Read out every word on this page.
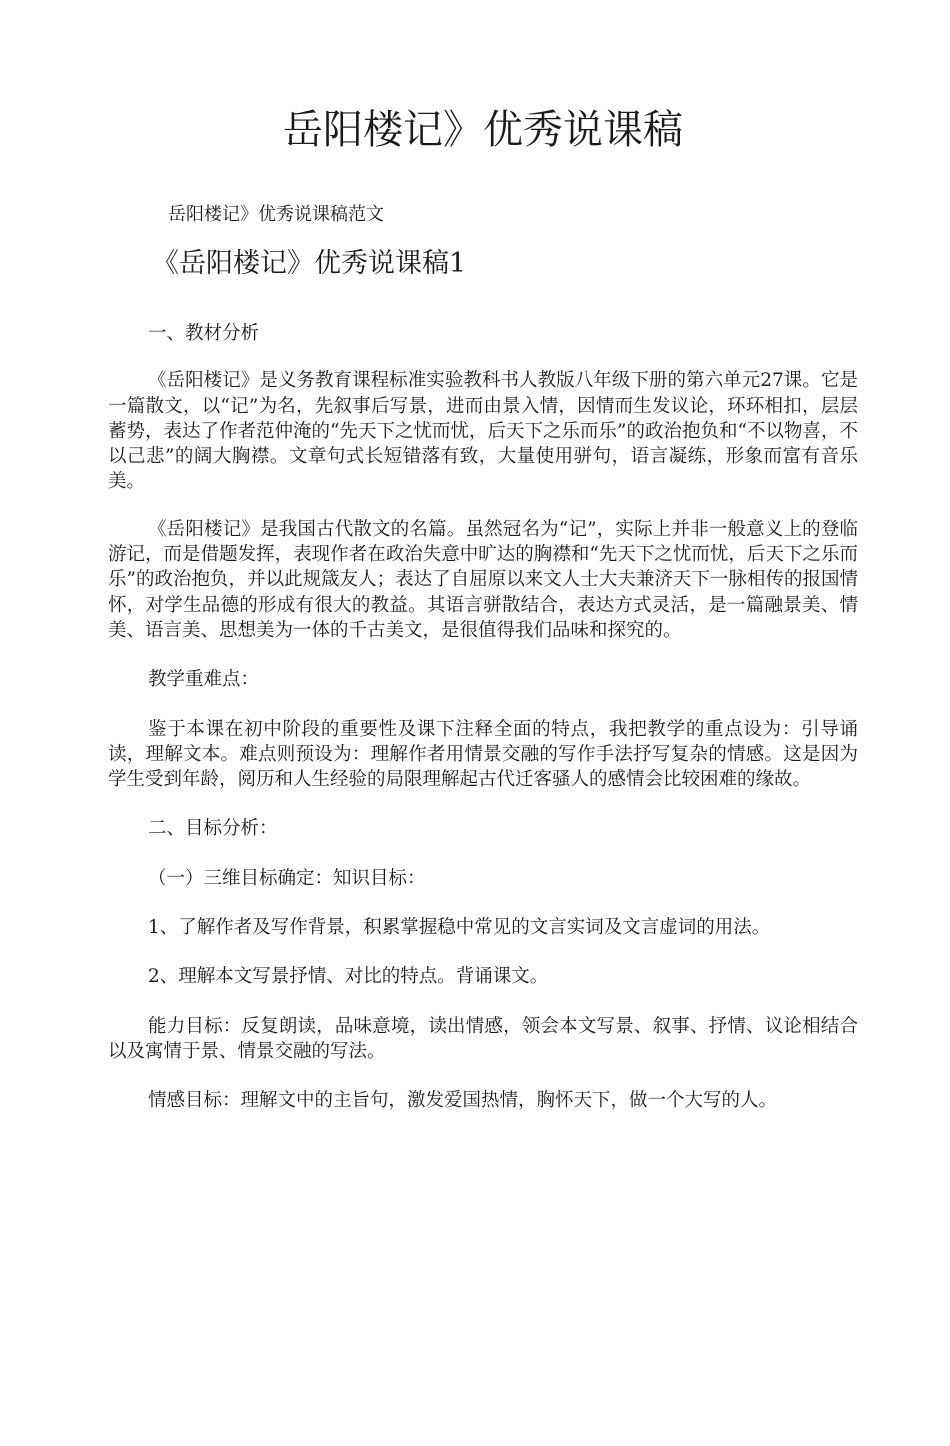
岳阳楼记》优秀说课稿
岳阳楼记》优秀说课稿范文
《岳阳楼记》优秀说课稿1

一、教材分析

《岳阳楼记》是义务教育课程标准实验教科书人教版八年级下册的第六单元27课。它是一篇散文，以“记”为名，先叙事后写景，进而由景入情，因情而生发议论，环环相扣，层层蓄势，表达了作者范仲淹的“先天下之忧而忧，后天下之乐而乐”的政治抱负和“不以物喜，不以己悲”的阔大胸襟。文章句式长短错落有致，大量使用骈句，语言凝练，形象而富有音乐美。

《岳阳楼记》是我国古代散文的名篇。虽然冠名为“记”，实际上并非一般意义上的登临游记，而是借题发挥，表现作者在政治失意中旷达的胸襟和“先天下之忧而忧，后天下之乐而乐”的政治抱负，并以此规箴友人；表达了自屈原以来文人士大夫兼济天下一脉相传的报国情怀，对学生品德的形成有很大的教益。其语言骈散结合，表达方式灵活，是一篇融景美、情美、语言美、思想美为一体的千古美文，是很值得我们品味和探究的。

教学重难点：

鉴于本课在初中阶段的重要性及课下注释全面的特点，我把教学的重点设为：引导诵读，理解文本。难点则预设为：理解作者用情景交融的写作手法抒写复杂的情感。这是因为学生受到年龄，阅历和人生经验的局限理解起古代迁客骚人的感情会比较困难的缘故。

二、目标分析：

（一）三维目标确定：知识目标：

1、了解作者及写作背景，积累掌握稳中常见的文言实词及文言虚词的用法。

2、理解本文写景抒情、对比的特点。背诵课文。

能力目标：反复朗读，品味意境，读出情感，领会本文写景、叙事、抒情、议论相结合以及寓情于景、情景交融的写法。

情感目标：理解文中的主旨句，激发爱国热情，胸怀天下，做一个大写的人。
